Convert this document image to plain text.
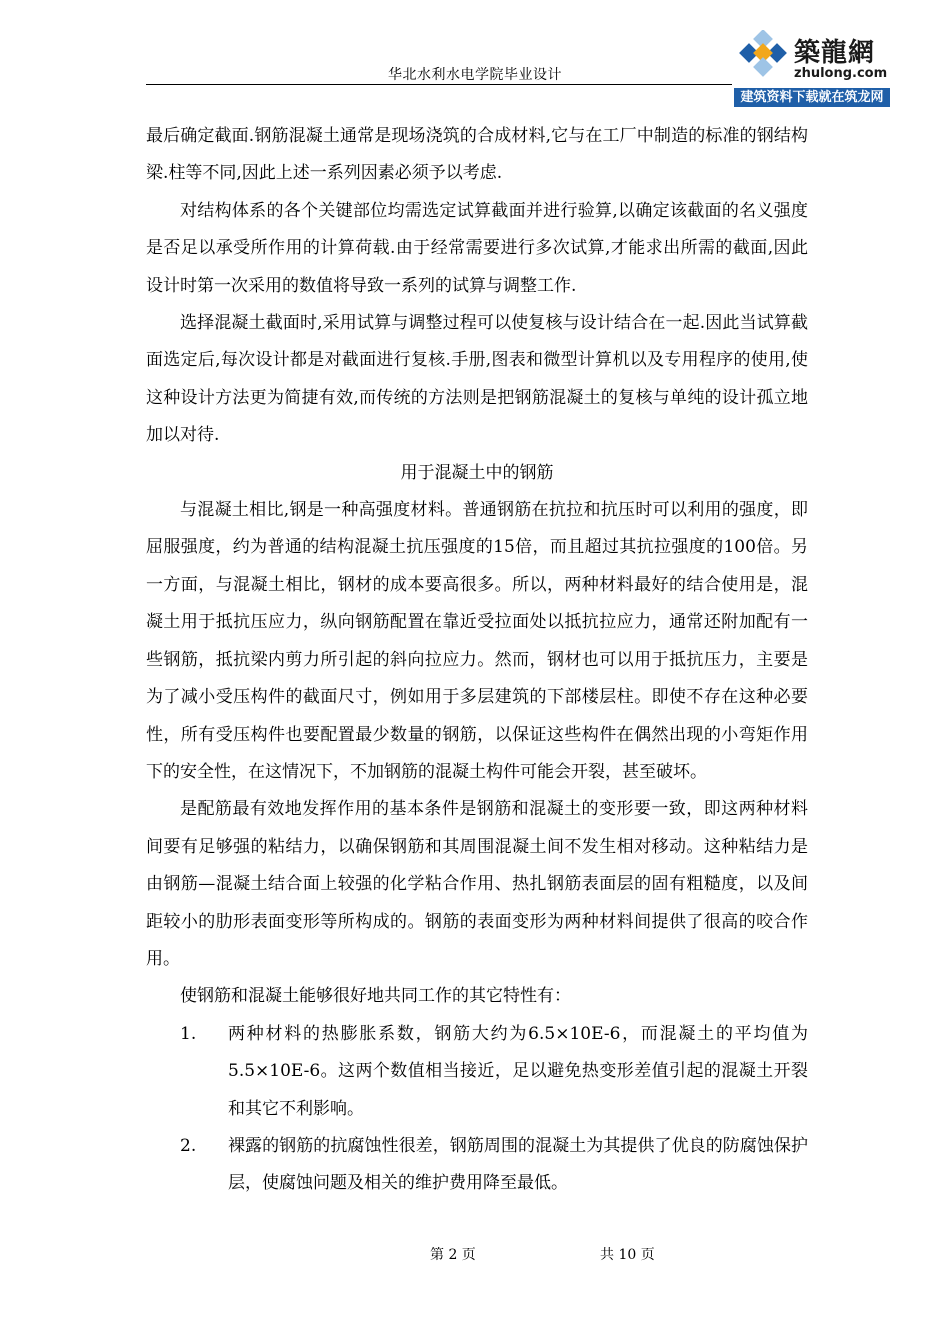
华北水利水电学院毕业设计
築龍網
zhulong.com
建筑资料下载就在筑龙网

最后确定截面.钢筋混凝土通常是现场浇筑的合成材料,它与在工厂中制造的标准的钢结构梁.柱等不同,因此上述一系列因素必须予以考虑.

对结构体系的各个关键部位均需选定试算截面并进行验算,以确定该截面的名义强度是否足以承受所作用的计算荷载.由于经常需要进行多次试算,才能求出所需的截面,因此设计时第一次采用的数值将导致一系列的试算与调整工作.

选择混凝土截面时,采用试算与调整过程可以使复核与设计结合在一起.因此当试算截面选定后,每次设计都是对截面进行复核.手册,图表和微型计算机以及专用程序的使用,使这种设计方法更为简捷有效,而传统的方法则是把钢筋混凝土的复核与单纯的设计孤立地加以对待.

用于混凝土中的钢筋

与混凝土相比,钢是一种高强度材料。普通钢筋在抗拉和抗压时可以利用的强度，即屈服强度，约为普通的结构混凝土抗压强度的15倍，而且超过其抗拉强度的100倍。另一方面，与混凝土相比，钢材的成本要高很多。所以，两种材料最好的结合使用是，混凝土用于抵抗压应力，纵向钢筋配置在靠近受拉面处以抵抗拉应力，通常还附加配有一些钢筋，抵抗梁内剪力所引起的斜向拉应力。然而，钢材也可以用于抵抗压力，主要是为了减小受压构件的截面尺寸，例如用于多层建筑的下部楼层柱。即使不存在这种必要性，所有受压构件也要配置最少数量的钢筋，以保证这些构件在偶然出现的小弯矩作用下的安全性，在这情况下，不加钢筋的混凝土构件可能会开裂，甚至破坏。

是配筋最有效地发挥作用的基本条件是钢筋和混凝土的变形要一致，即这两种材料间要有足够强的粘结力，以确保钢筋和其周围混凝土间不发生相对移动。这种粘结力是由钢筋—混凝土结合面上较强的化学粘合作用、热扎钢筋表面层的固有粗糙度，以及间距较小的肋形表面变形等所构成的。钢筋的表面变形为两种材料间提供了很高的咬合作用。

使钢筋和混凝土能够很好地共同工作的其它特性有：

1.	两种材料的热膨胀系数，钢筋大约为6.5×10E-6，而混凝土的平均值为5.5×10E-6。这两个数值相当接近，足以避免热变形差值引起的混凝土开裂和其它不利影响。
2.	裸露的钢筋的抗腐蚀性很差，钢筋周围的混凝土为其提供了优良的防腐蚀保护层，使腐蚀问题及相关的维护费用降至最低。
第 2 页	共 10 页
